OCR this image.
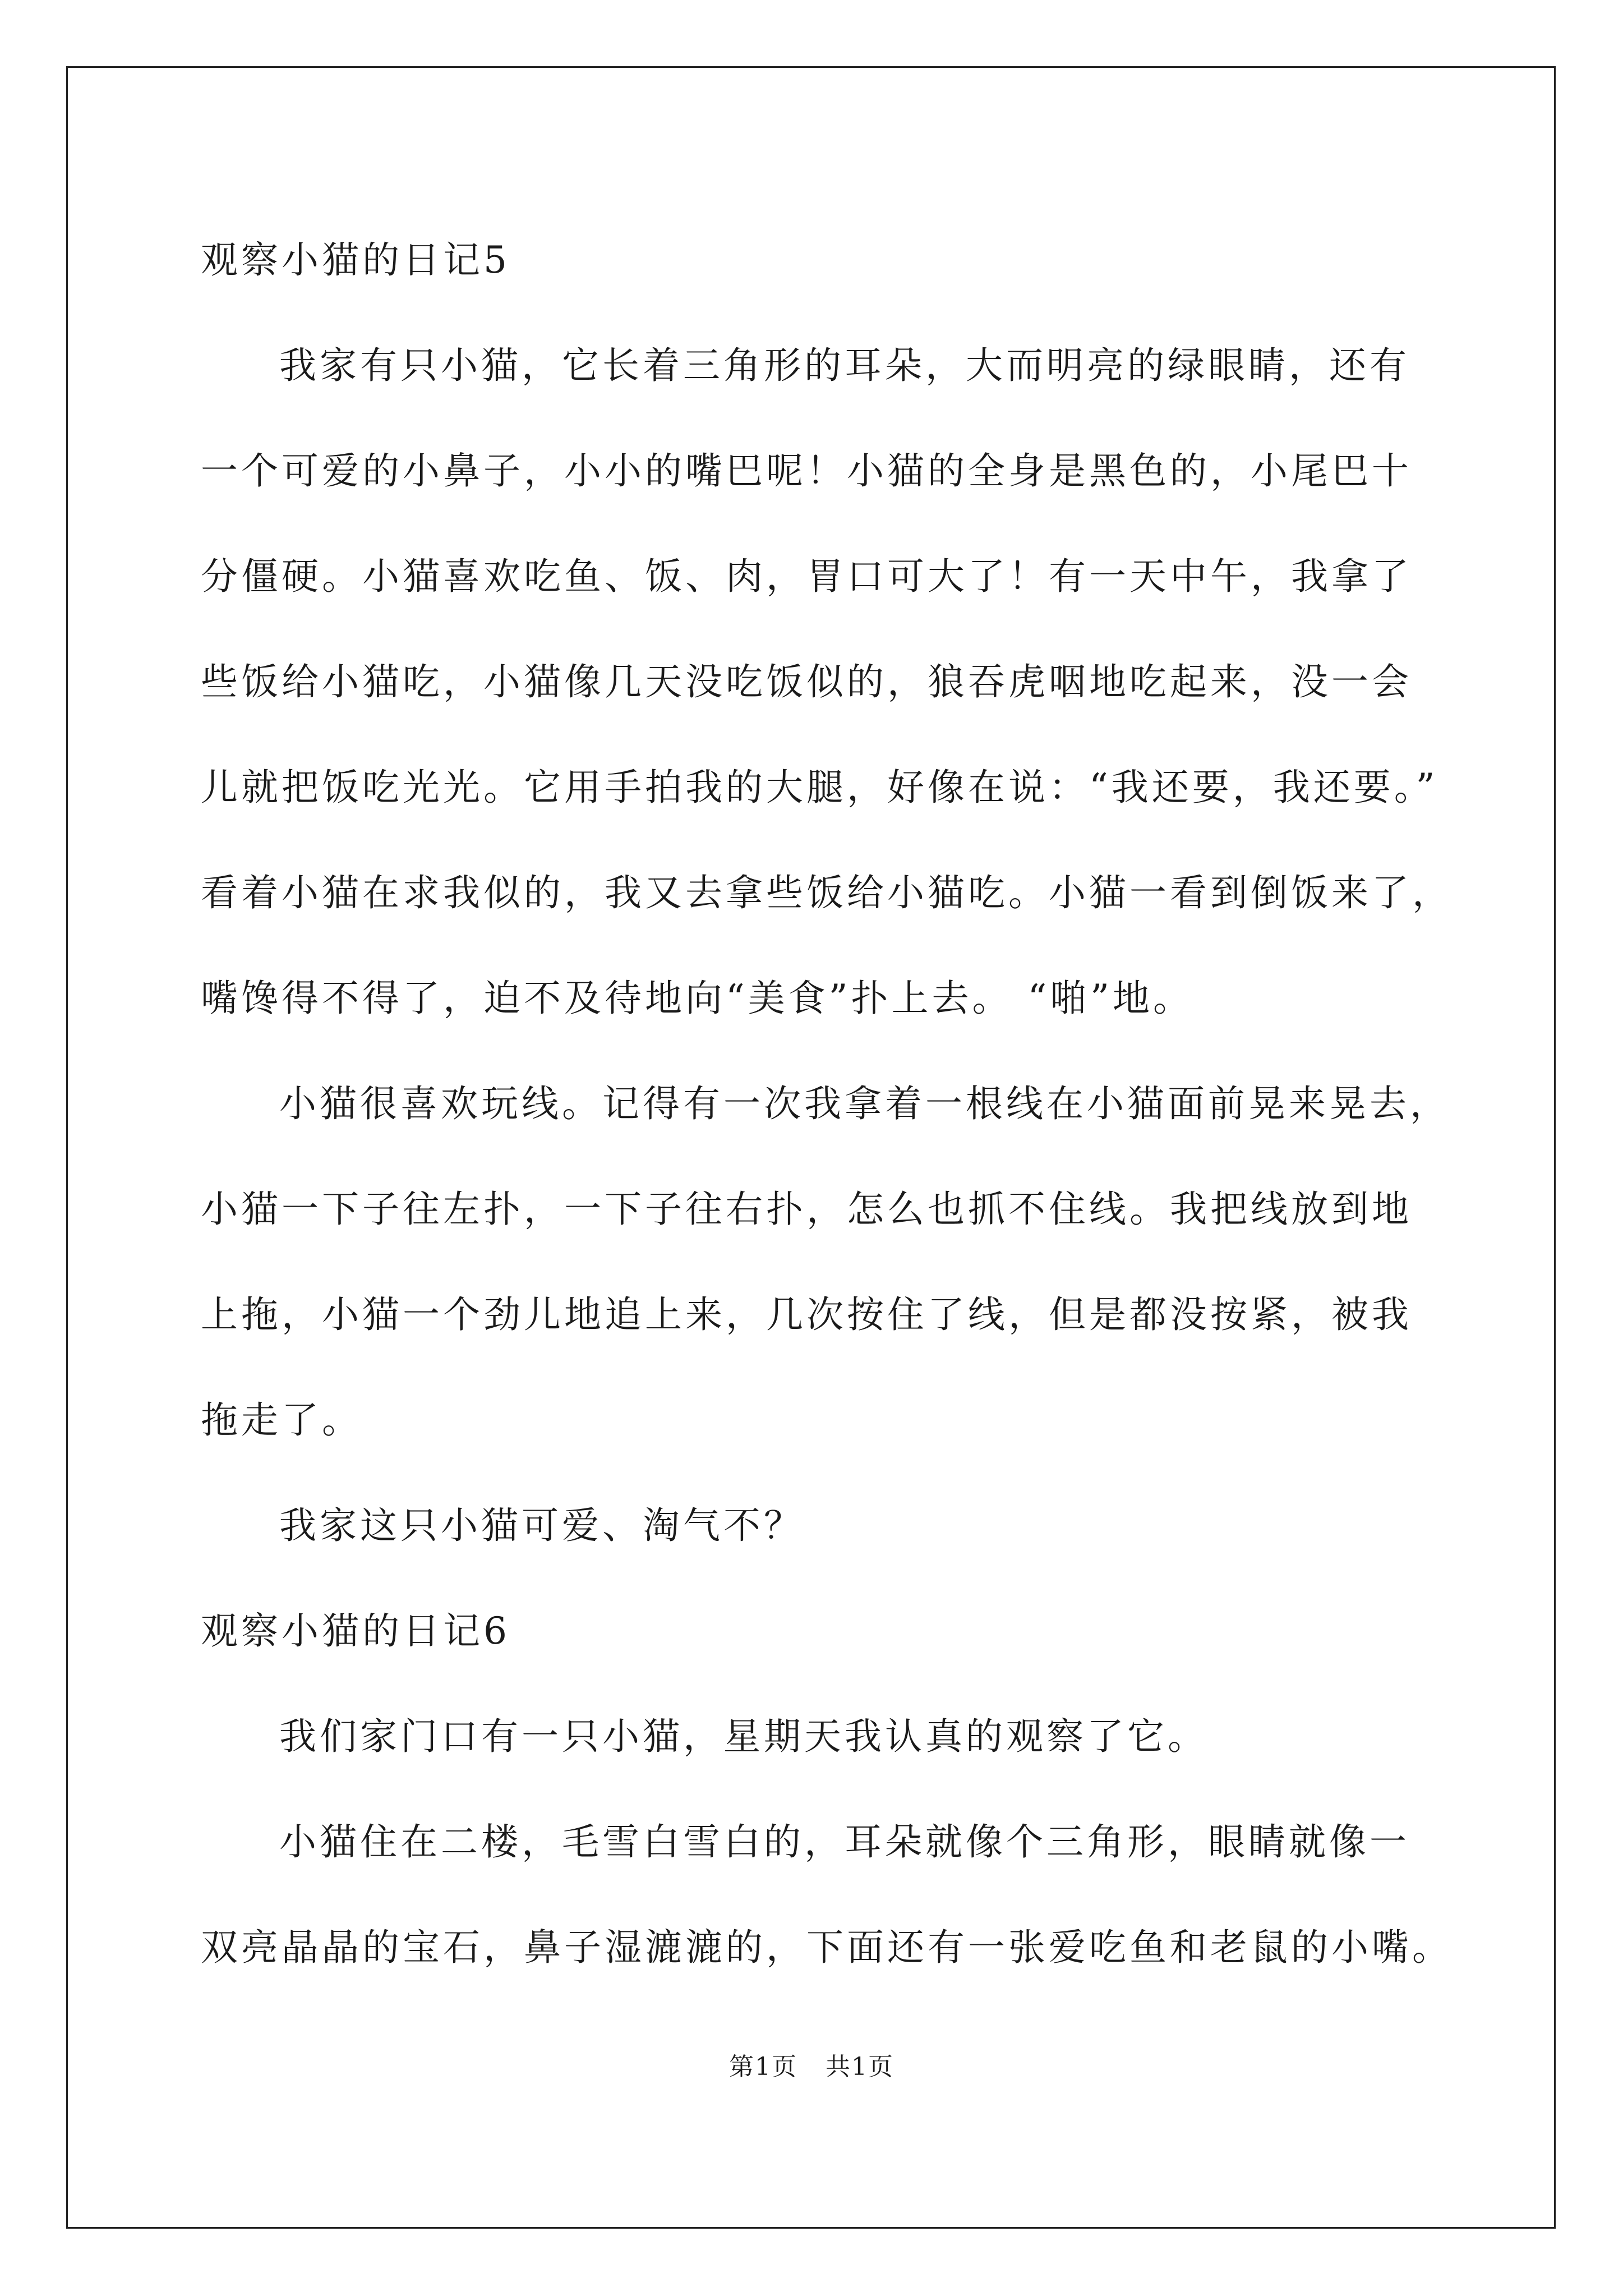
观察小猫的日记5
我家有只小猫，它长着三角形的耳朵，大而明亮的绿眼睛，还有
一个可爱的小鼻子，小小的嘴巴呢！小猫的全身是黑色的，小尾巴十
分僵硬。小猫喜欢吃鱼、饭、肉，胃口可大了！有一天中午，我拿了
些饭给小猫吃，小猫像几天没吃饭似的，狼吞虎咽地吃起来，没一会
儿就把饭吃光光。它用手拍我的大腿，好像在说：“我还要，我还要。”
看着小猫在求我似的，我又去拿些饭给小猫吃。小猫一看到倒饭来了，
嘴馋得不得了，迫不及待地向“美食”扑上去。 “啪”地。
小猫很喜欢玩线。记得有一次我拿着一根线在小猫面前晃来晃去，
小猫一下子往左扑，一下子往右扑，怎么也抓不住线。我把线放到地
上拖，小猫一个劲儿地追上来，几次按住了线，但是都没按紧，被我
拖走了。
我家这只小猫可爱、淘气不？
观察小猫的日记6
我们家门口有一只小猫，星期天我认真的观察了它。
小猫住在二楼，毛雪白雪白的，耳朵就像个三角形，眼睛就像一
双亮晶晶的宝石，鼻子湿漉漉的，下面还有一张爱吃鱼和老鼠的小嘴。
第1页 共1页
